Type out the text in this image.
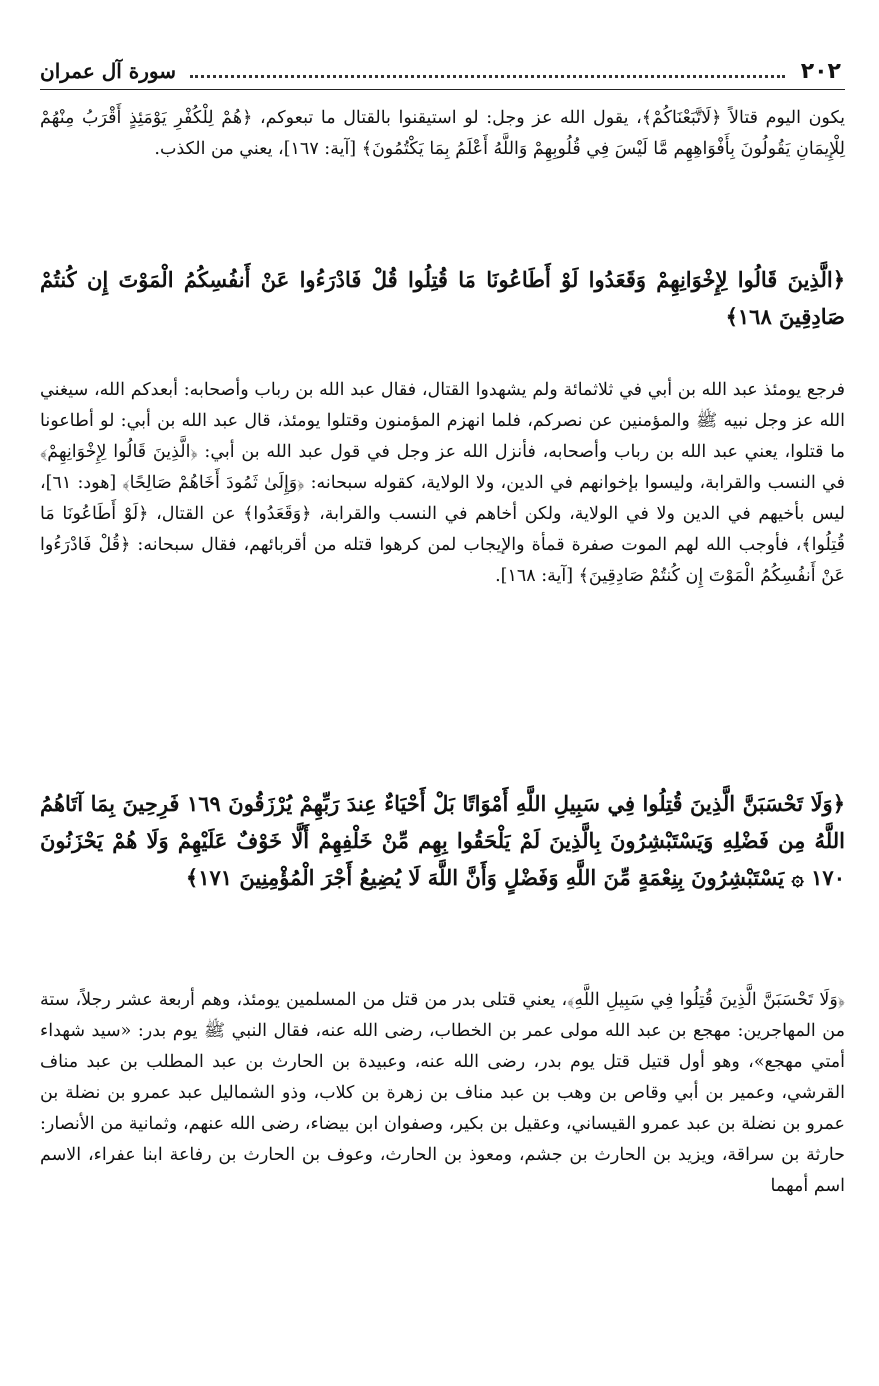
٢٠٢
سورة آل عمران

يكون اليوم قتالاً ﴿لَاتَّبَعْنَاكُمْ﴾، يقول الله عز وجل: لو استيقنوا بالقتال ما تبعوكم، ﴿هُمْ لِلْكُفْرِ يَوْمَئِذٍ أَقْرَبُ مِنْهُمْ لِلْإِيمَانِ يَقُولُونَ بِأَفْوَاهِهِم مَّا لَيْسَ فِي قُلُوبِهِمْ وَاللَّهُ أَعْلَمُ بِمَا يَكْتُمُونَ﴾ [آية: ١٦٧]، يعني من الكذب.

﴿الَّذِينَ قَالُوا لِإِخْوَانِهِمْ وَقَعَدُوا لَوْ أَطَاعُونَا مَا قُتِلُوا قُلْ فَادْرَءُوا عَنْ أَنفُسِكُمُ الْمَوْتَ إِن كُنتُمْ صَادِقِينَ ١٦٨﴾

فرجع يومئذ عبد الله بن أبي في ثلاثمائة ولم يشهدوا القتال، فقال عبد الله بن رباب وأصحابه: أبعدكم الله، سيغني الله عز وجل نبيه ﷺ والمؤمنين عن نصركم، فلما انهزم المؤمنون وقتلوا يومئذ، قال عبد الله بن أبي: لو أطاعونا ما قتلوا، يعني عبد الله بن رباب وأصحابه، فأنزل الله عز وجل في قول عبد الله بن أبي: ﴿الَّذِينَ قَالُوا لِإِخْوَانِهِمْ﴾ في النسب والقرابة، وليسوا بإخوانهم في الدين، ولا الولاية، كقوله سبحانه: ﴿وَإِلَىٰ ثَمُودَ أَخَاهُمْ صَالِحًا﴾ [هود: ٦١]، ليس بأخيهم في الدين ولا في الولاية، ولكن أخاهم في النسب والقرابة، ﴿وَقَعَدُوا﴾ عن القتال، ﴿لَوْ أَطَاعُونَا مَا قُتِلُوا﴾، فأوجب الله لهم الموت صفرة قمأة والإيجاب لمن كرهوا قتله من أقربائهم، فقال سبحانه: ﴿قُلْ فَادْرَءُوا عَنْ أَنفُسِكُمُ الْمَوْتَ إِن كُنتُمْ صَادِقِينَ﴾ [آية: ١٦٨].

﴿وَلَا تَحْسَبَنَّ الَّذِينَ قُتِلُوا فِي سَبِيلِ اللَّهِ أَمْوَاتًا بَلْ أَحْيَاءٌ عِندَ رَبِّهِمْ يُرْزَقُونَ ١٦٩ فَرِحِينَ بِمَا آتَاهُمُ اللَّهُ مِن فَضْلِهِ وَيَسْتَبْشِرُونَ بِالَّذِينَ لَمْ يَلْحَقُوا بِهِم مِّنْ خَلْفِهِمْ أَلَّا خَوْفٌ عَلَيْهِمْ وَلَا هُمْ يَحْزَنُونَ ١٧٠ ۞ يَسْتَبْشِرُونَ بِنِعْمَةٍ مِّنَ اللَّهِ وَفَضْلٍ وَأَنَّ اللَّهَ لَا يُضِيعُ أَجْرَ الْمُؤْمِنِينَ ١٧١﴾

﴿وَلَا تَحْسَبَنَّ الَّذِينَ قُتِلُوا فِي سَبِيلِ اللَّهِ﴾، يعني قتلى بدر من قتل من المسلمين يومئذ، وهم أربعة عشر رجلاً، ستة من المهاجرين: مهجع بن عبد الله مولى عمر بن الخطاب، رضى الله عنه، فقال النبي ﷺ يوم بدر: «سيد شهداء أمتي مهجع»، وهو أول قتيل قتل يوم بدر، رضى الله عنه، وعبيدة بن الحارث بن عبد المطلب بن عبد مناف القرشي، وعمير بن أبي وقاص بن وهب بن عبد مناف بن زهرة بن كلاب، وذو الشماليل عبد عمرو بن نضلة بن عمرو بن نضلة بن عبد عمرو القيساني، وعقيل بن بكير، وصفوان ابن بيضاء، رضى الله عنهم، وثمانية من الأنصار: حارثة بن سراقة، ويزيد بن الحارث بن جشم، ومعوذ بن الحارث، وعوف بن الحارث بن رفاعة ابنا عفراء، الاسم اسم أمهما
